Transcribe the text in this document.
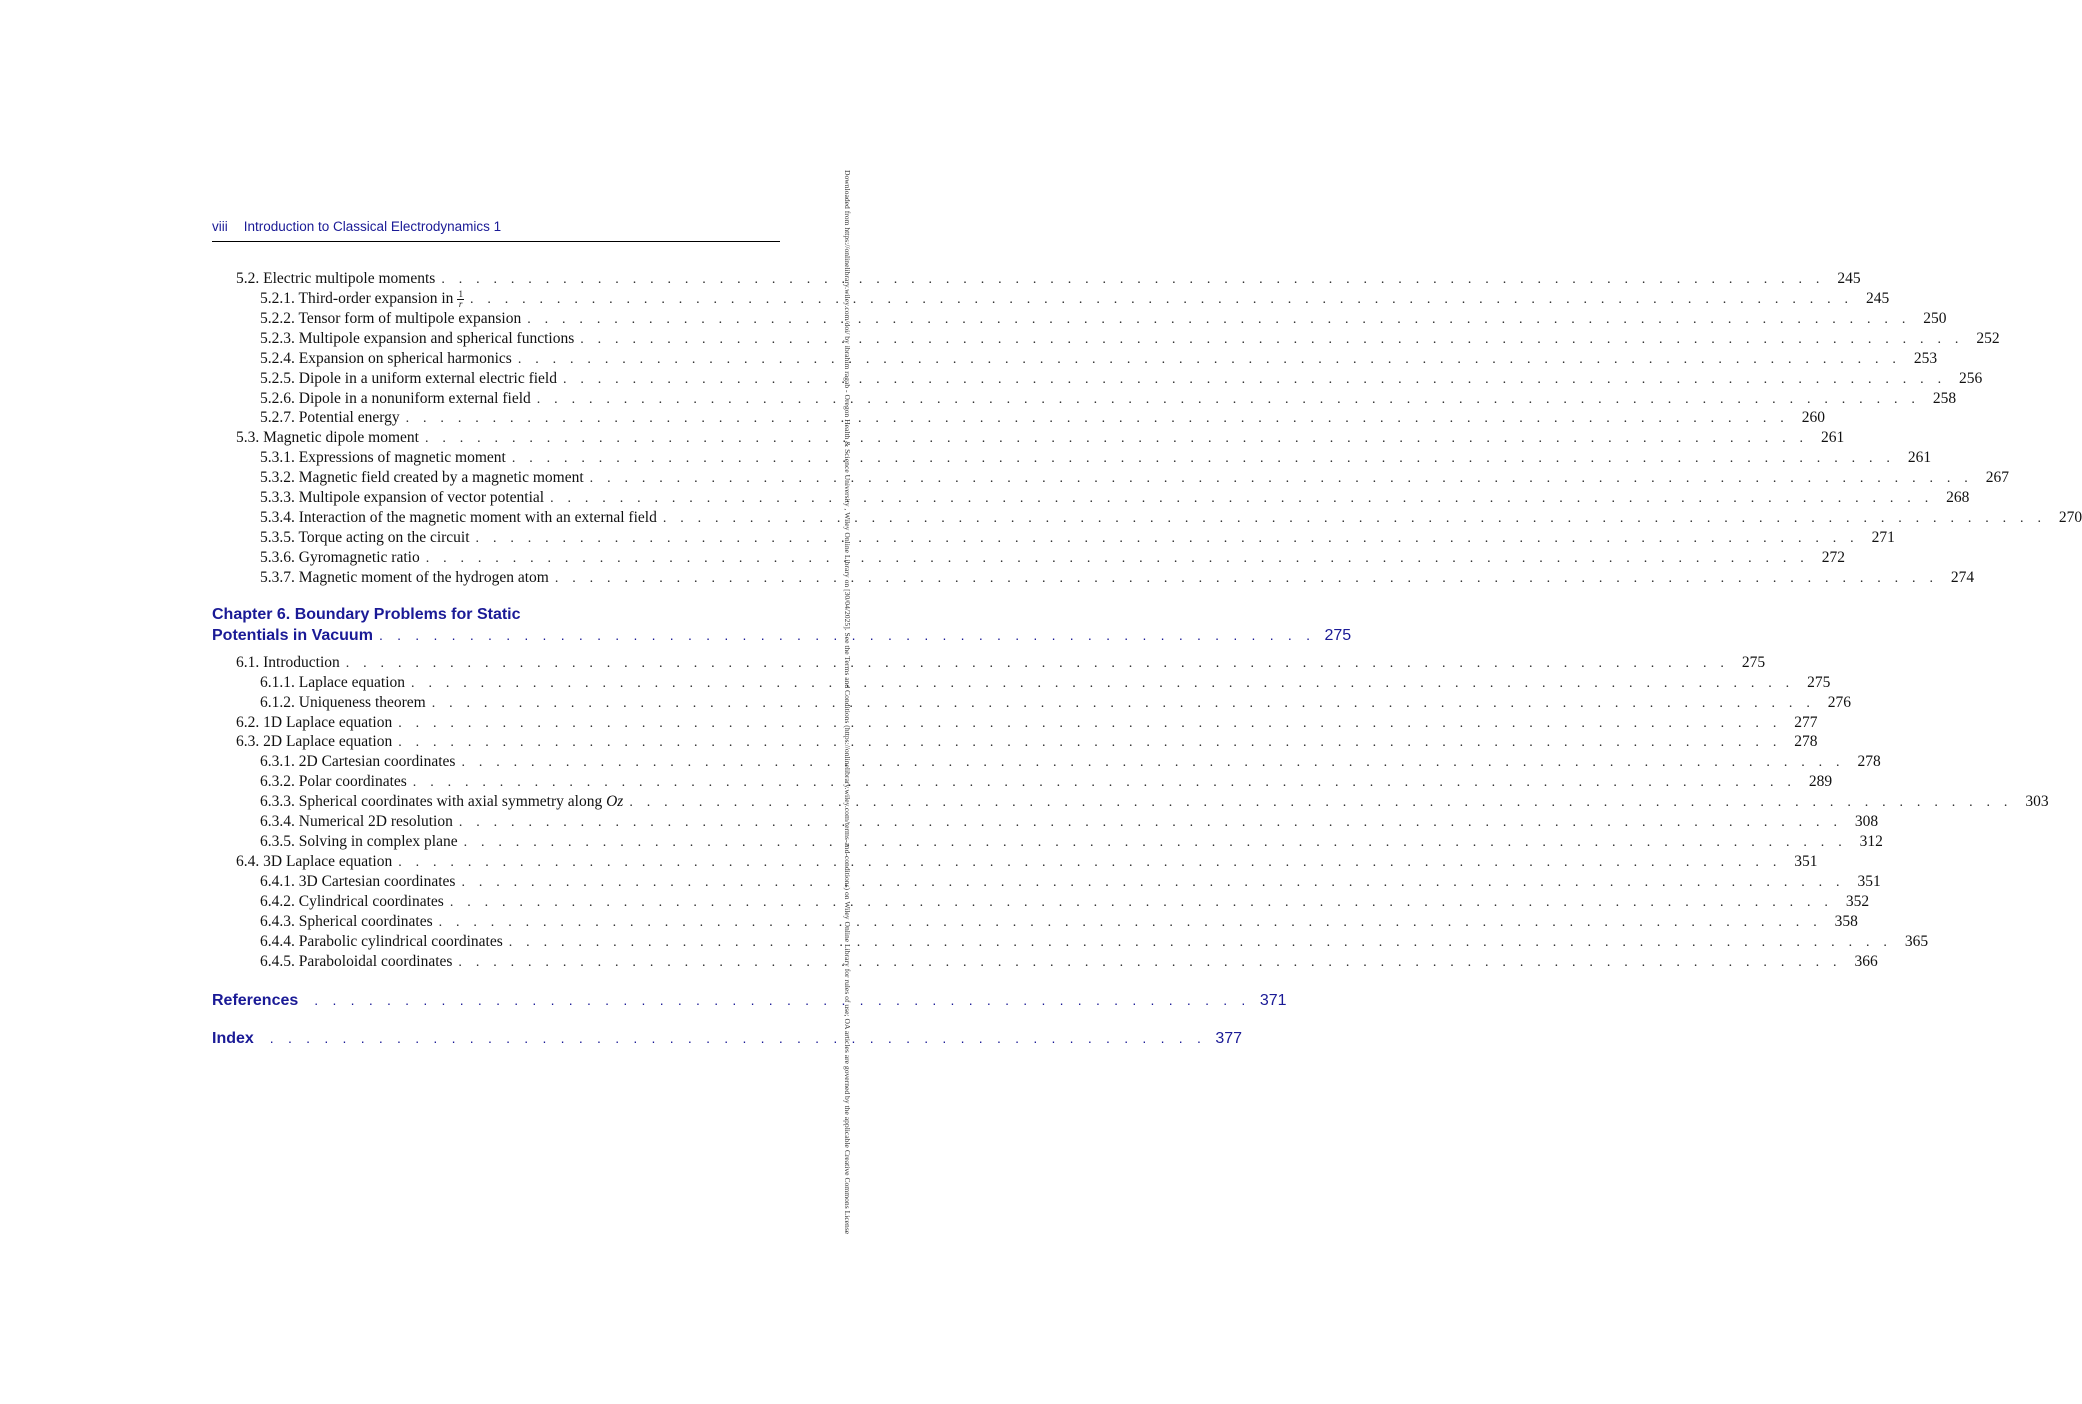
viii Introduction to Classical Electrodynamics 1
5.2. Electric multipole moments . . . . . . . . . . . . . . . . . . . . . . . . . . . . . . . . . . . . . . . . . . . . . . . . . . . . . . . . . . . . . . . . . . . . . . . . . . . . . . . . 245
5.2.1. Third-order expansion in $\frac{1}{r}$ . . . . . . . . . . . . . . . . . . . . . . . . . . . . . . . . . . . . . . . . . . . . . . . . . . . . . . . . . . . . . . . . . . . . . . . . . . . . . . . . 245
5.2.2. Tensor form of multipole expansion . . . . . . . . . . . . . . . . . . . . . . . . . . . . . . . . . . . . . . . . . . . . . . . . . . . . . . . . . . . . . . . . . . . . . . . . . . . . . . . . 250
5.2.3. Multipole expansion and spherical functions . . . . . . . . . . . . . . . . . . . . . . . . . . . . . . . . . . . . . . . . . . . . . . . . . . . . . . . . . . . . . . . . . . . . . . . . . . . . . . . . 252
5.2.4. Expansion on spherical harmonics . . . . . . . . . . . . . . . . . . . . . . . . . . . . . . . . . . . . . . . . . . . . . . . . . . . . . . . . . . . . . . . . . . . . . . . . . . . . . . . . 253
5.2.5. Dipole in a uniform external electric field . . . . . . . . . . . . . . . . . . . . . . . . . . . . . . . . . . . . . . . . . . . . . . . . . . . . . . . . . . . . . . . . . . . . . . . . . . . . . . . . 256
5.2.6. Dipole in a nonuniform external field . . . . . . . . . . . . . . . . . . . . . . . . . . . . . . . . . . . . . . . . . . . . . . . . . . . . . . . . . . . . . . . . . . . . . . . . . . . . . . . . 258
5.2.7. Potential energy . . . . . . . . . . . . . . . . . . . . . . . . . . . . . . . . . . . . . . . . . . . . . . . . . . . . . . . . . . . . . . . . . . . . . . . . . . . . . . . . 260
5.3. Magnetic dipole moment . . . . . . . . . . . . . . . . . . . . . . . . . . . . . . . . . . . . . . . . . . . . . . . . . . . . . . . . . . . . . . . . . . . . . . . . . . . . . . . . 261
5.3.1. Expressions of magnetic moment . . . . . . . . . . . . . . . . . . . . . . . . . . . . . . . . . . . . . . . . . . . . . . . . . . . . . . . . . . . . . . . . . . . . . . . . . . . . . . . . 261
5.3.2. Magnetic field created by a magnetic moment . . . . . . . . . . . . . . . . . . . . . . . . . . . . . . . . . . . . . . . . . . . . . . . . . . . . . . . . . . . . . . . . . . . . . . . . . . . . . . . . 267
5.3.3. Multipole expansion of vector potential . . . . . . . . . . . . . . . . . . . . . . . . . . . . . . . . . . . . . . . . . . . . . . . . . . . . . . . . . . . . . . . . . . . . . . . . . . . . . . . . 268
5.3.4. Interaction of the magnetic moment with an external field . . . . . . . . . . . . . . . . . . . . . . . . . . . . . . . . . . . . . . . . . . . . . . . . . . . . . . . . . . . . . . . . . . . . . . . . . . . . . . . . 270
5.3.5. Torque acting on the circuit . . . . . . . . . . . . . . . . . . . . . . . . . . . . . . . . . . . . . . . . . . . . . . . . . . . . . . . . . . . . . . . . . . . . . . . . . . . . . . . . 271
5.3.6. Gyromagnetic ratio . . . . . . . . . . . . . . . . . . . . . . . . . . . . . . . . . . . . . . . . . . . . . . . . . . . . . . . . . . . . . . . . . . . . . . . . . . . . . . . . 272
5.3.7. Magnetic moment of the hydrogen atom . . . . . . . . . . . . . . . . . . . . . . . . . . . . . . . . . . . . . . . . . . . . . . . . . . . . . . . . . . . . . . . . . . . . . . . . . . . . . . . . 274
Chapter 6. Boundary Problems for Static
Potentials in Vacuum . . . . . . . . . . . . . . . . . . . . . . . . . . . . . . . . . . . . . . . . . . . . . . . . . . . . 275
6.1. Introduction . . . . . . . . . . . . . . . . . . . . . . . . . . . . . . . . . . . . . . . . . . . . . . . . . . . . . . . . . . . . . . . . . . . . . . . . . . . . . . . . 275
6.1.1. Laplace equation . . . . . . . . . . . . . . . . . . . . . . . . . . . . . . . . . . . . . . . . . . . . . . . . . . . . . . . . . . . . . . . . . . . . . . . . . . . . . . . . 275
6.1.2. Uniqueness theorem . . . . . . . . . . . . . . . . . . . . . . . . . . . . . . . . . . . . . . . . . . . . . . . . . . . . . . . . . . . . . . . . . . . . . . . . . . . . . . . . 276
6.2. 1D Laplace equation . . . . . . . . . . . . . . . . . . . . . . . . . . . . . . . . . . . . . . . . . . . . . . . . . . . . . . . . . . . . . . . . . . . . . . . . . . . . . . . . 277
6.3. 2D Laplace equation . . . . . . . . . . . . . . . . . . . . . . . . . . . . . . . . . . . . . . . . . . . . . . . . . . . . . . . . . . . . . . . . . . . . . . . . . . . . . . . . 278
6.3.1. 2D Cartesian coordinates . . . . . . . . . . . . . . . . . . . . . . . . . . . . . . . . . . . . . . . . . . . . . . . . . . . . . . . . . . . . . . . . . . . . . . . . . . . . . . . . 278
6.3.2. Polar coordinates . . . . . . . . . . . . . . . . . . . . . . . . . . . . . . . . . . . . . . . . . . . . . . . . . . . . . . . . . . . . . . . . . . . . . . . . . . . . . . . . 289
6.3.3. Spherical coordinates with axial symmetry along Oz . . . . . . . . . . . . . . . . . . . . . . . . . . . . . . . . . . . . . . . . . . . . . . . . . . . . . . . . . . . . . . . . . . . . . . . . . . . . . . . . 303
6.3.4. Numerical 2D resolution . . . . . . . . . . . . . . . . . . . . . . . . . . . . . . . . . . . . . . . . . . . . . . . . . . . . . . . . . . . . . . . . . . . . . . . . . . . . . . . . 308
6.3.5. Solving in complex plane . . . . . . . . . . . . . . . . . . . . . . . . . . . . . . . . . . . . . . . . . . . . . . . . . . . . . . . . . . . . . . . . . . . . . . . . . . . . . . . . 312
6.4. 3D Laplace equation . . . . . . . . . . . . . . . . . . . . . . . . . . . . . . . . . . . . . . . . . . . . . . . . . . . . . . . . . . . . . . . . . . . . . . . . . . . . . . . . 351
6.4.1. 3D Cartesian coordinates . . . . . . . . . . . . . . . . . . . . . . . . . . . . . . . . . . . . . . . . . . . . . . . . . . . . . . . . . . . . . . . . . . . . . . . . . . . . . . . . 351
6.4.2. Cylindrical coordinates . . . . . . . . . . . . . . . . . . . . . . . . . . . . . . . . . . . . . . . . . . . . . . . . . . . . . . . . . . . . . . . . . . . . . . . . . . . . . . . . 352
6.4.3. Spherical coordinates . . . . . . . . . . . . . . . . . . . . . . . . . . . . . . . . . . . . . . . . . . . . . . . . . . . . . . . . . . . . . . . . . . . . . . . . . . . . . . . . 358
6.4.4. Parabolic cylindrical coordinates . . . . . . . . . . . . . . . . . . . . . . . . . . . . . . . . . . . . . . . . . . . . . . . . . . . . . . . . . . . . . . . . . . . . . . . . . . . . . . . . 365
6.4.5. Paraboloidal coordinates . . . . . . . . . . . . . . . . . . . . . . . . . . . . . . . . . . . . . . . . . . . . . . . . . . . . . . . . . . . . . . . . . . . . . . . . . . . . . . . . 366
References	. . . . . . . . . . . . . . . . . . . . . . . . . . . . . . . . . . . . . . . . . . . . . . . . . . . . 371
Index	. . . . . . . . . . . . . . . . . . . . . . . . . . . . . . . . . . . . . . . . . . . . . . . . . . . . 377
Downloaded from https://onlinelibrary.wiley.com/doi/ by ibrahim ragab - Oregon Health & Science University , Wiley Online Library on [30/04/2025]. See the Terms and Conditions (https://onlinelibrary.wiley.com/terms-and-conditions) on Wiley Online Library for rules of use; OA articles are governed by the applicable Creative Commons License
